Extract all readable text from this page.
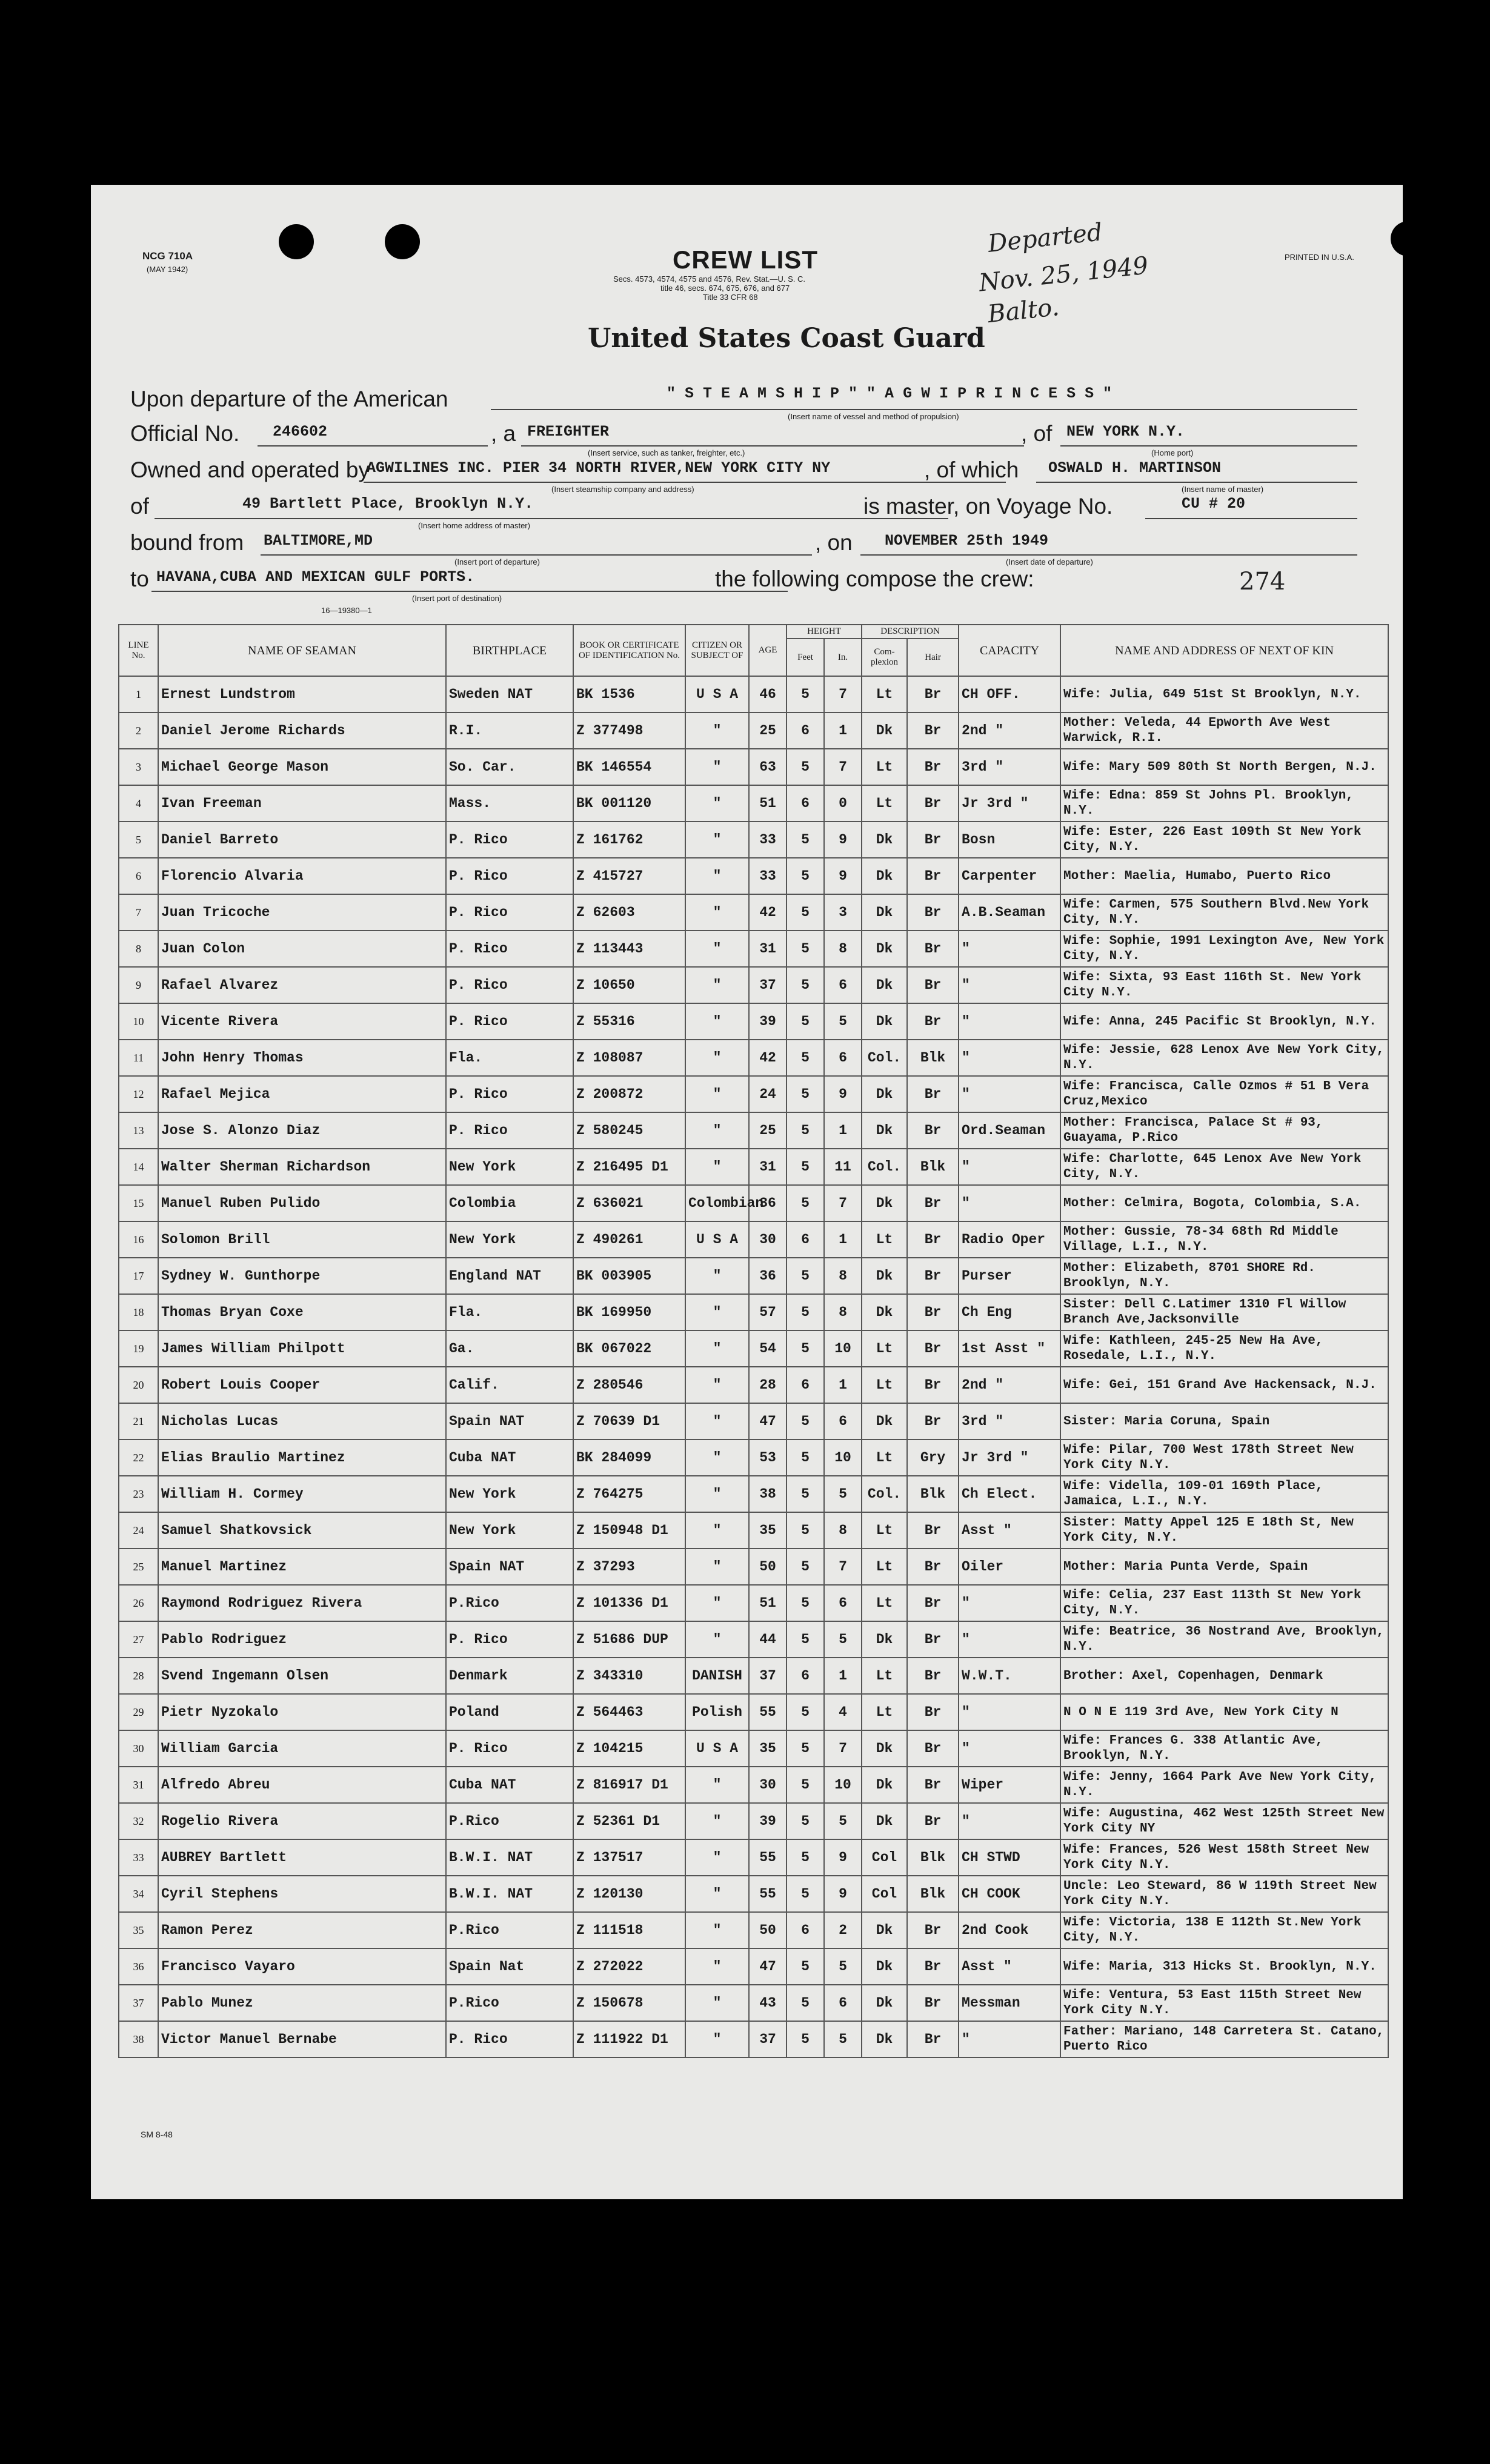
NCG 710A
(MAY 1942)	CREW LIST
Secs. 4573, 4574, 4575 and 4576, Rev. Stat.—U. S. C.
title 46, secs. 674, 675, 676, and 677
Title 33 CFR 68
PRINTED IN U.S.A.
Departed
Nov. 25, 1949
Balto.
United States Coast Guard
Upon departure of the American	" S T E A M S H I P " " A G W I P R I N C E S S "
(Insert name of vessel and method of propulsion)
Official No. 246602	, a FREIGHTER
(Insert service, such as tanker, freighter, etc.)
, of NEW YORK N.Y.
(Home port)
Owned and operated by
AGWILINES INC. PIER 34 NORTH RIVER,NEW YORK CITY NY
(Insert steamship company and address)
, of which OSWALD H. MARTINSON
(Insert name of master)
of	49 Bartlett Place, Brooklyn N.Y.
(Insert home address of master)
is master, on Voyage No.	CU # 20
bound from BALTIMORE,MD
(Insert port of departure)
, on NOVEMBER 25th 1949
(Insert date of departure)
to HAVANA,CUBA AND MEXICAN GULF PORTS.
(Insert port of destination)
16—19380—1
the following compose the crew:	274
LINE No.	NAME OF SEAMAN	BIRTHPLACE	BOOK OR CERTIFICATE OF IDENTIFICATION No.	CITIZEN OR SUBJECT OF	AGE	HEIGHT		DESCRIPTION		CAPACITY	NAME AND ADDRESS OF NEXT OF KIN
						Feet	In.	Com- plexion	Hair		
1	Ernest Lundstrom	Sweden NAT	BK 1536	U S A	46	5	7	Lt	Br	CH OFF.	Wife: Julia, 649 51st St Brooklyn, N.Y.
2	Daniel Jerome Richards	R.I.	Z 377498	"	25	6	1	Dk	Br	2nd "	Mother: Veleda, 44 Epworth Ave West Warwick, R.I.
3	Michael George Mason	So. Car.	BK 146554	"	63	5	7	Lt	Br	3rd "	Wife: Mary 509 80th St North Bergen, N.J.
4	Ivan Freeman	Mass.	BK 001120	"	51	6	0	Lt	Br	Jr 3rd "	Wife: Edna: 859 St Johns Pl. Brooklyn, N.Y.
5	Daniel Barreto	P. Rico	Z 161762	"	33	5	9	Dk	Br	Bosn	Wife: Ester, 226 East 109th St New York City, N.Y.
6	Florencio Alvaria	P. Rico	Z 415727	"	33	5	9	Dk	Br	Carpenter	Mother: Maelia, Humabo, Puerto Rico
7	Juan Tricoche	P. Rico	Z 62603	"	42	5	3	Dk	Br	A.B.Seaman	Wife: Carmen, 575 Southern Blvd.New York City, N.Y.
8	Juan Colon	P. Rico	Z 113443	"	31	5	8	Dk	Br	"	Wife: Sophie, 1991 Lexington Ave, New York City, N.Y.
9	Rafael Alvarez	P. Rico	Z 10650	"	37	5	6	Dk	Br	"	Wife: Sixta, 93 East 116th St. New York City N.Y.
10	Vicente Rivera	P. Rico	Z 55316	"	39	5	5	Dk	Br	"	Wife: Anna, 245 Pacific St Brooklyn, N.Y.
11	John Henry Thomas	Fla.	Z 108087	"	42	5	6	Col.	Blk	"	Wife: Jessie, 628 Lenox Ave New York City, N.Y.
12	Rafael Mejica	P. Rico	Z 200872	"	24	5	9	Dk	Br	"	Wife: Francisca, Calle Ozmos # 51 B Vera Cruz,Mexico
13	Jose S. Alonzo Diaz	P. Rico	Z 580245	"	25	5	1	Dk	Br	Ord.Seaman	Mother: Francisca, Palace St # 93, Guayama, P.Rico
14	Walter Sherman Richardson	New York	Z 216495 D1	"	31	5	11	Col.	Blk	"	Wife: Charlotte, 645 Lenox Ave New York City, N.Y.
15	Manuel Ruben Pulido	Colombia	Z 636021	Colombian	36	5	7	Dk	Br	"	Mother: Celmira, Bogota, Colombia, S.A.
16	Solomon Brill	New York	Z 490261	U S A	30	6	1	Lt	Br	Radio Oper	Mother: Gussie, 78-34 68th Rd Middle Village, L.I., N.Y.
17	Sydney W. Gunthorpe	England NAT	BK 003905	"	36	5	8	Dk	Br	Purser	Mother: Elizabeth, 8701 SHORE Rd. Brooklyn, N.Y.
18	Thomas Bryan Coxe	Fla.	BK 169950	"	57	5	8	Dk	Br	Ch Eng	Sister: Dell C.Latimer 1310 Fl Willow Branch Ave,Jacksonville
19	James William Philpott	Ga.	BK 067022	"	54	5	10	Lt	Br	1st Asst "	Wife: Kathleen, 245-25 New Ha Ave, Rosedale, L.I., N.Y.
20	Robert Louis Cooper	Calif.	Z 280546	"	28	6	1	Lt	Br	2nd "	Wife: Gei, 151 Grand Ave Hackensack, N.J.
21	Nicholas Lucas	Spain NAT	Z 70639 D1	"	47	5	6	Dk	Br	3rd "	Sister: Maria Coruna, Spain
22	Elias Braulio Martinez	Cuba NAT	BK 284099	"	53	5	10	Lt	Gry	Jr 3rd "	Wife: Pilar, 700 West 178th Street New York City N.Y.
23	William H. Cormey	New York	Z 764275	"	38	5	5	Col.	Blk	Ch Elect.	Wife: Vidella, 109-01 169th Place, Jamaica, L.I., N.Y.
24	Samuel Shatkovsick	New York	Z 150948 D1	"	35	5	8	Lt	Br	Asst "	Sister: Matty Appel 125 E 18th St, New York City, N.Y.
25	Manuel Martinez	Spain NAT	Z 37293	"	50	5	7	Lt	Br	Oiler	Mother: Maria Punta Verde, Spain
26	Raymond Rodriguez Rivera	P.Rico	Z 101336 D1	"	51	5	6	Lt	Br	"	Wife: Celia, 237 East 113th St New York City, N.Y.
27	Pablo Rodriguez	P. Rico	Z 51686 DUP	"	44	5	5	Dk	Br	"	Wife: Beatrice, 36 Nostrand Ave, Brooklyn, N.Y.
28	Svend Ingemann Olsen	Denmark	Z 343310	DANISH	37	6	1	Lt	Br	W.W.T.	Brother: Axel, Copenhagen, Denmark
29	Pietr Nyzokalo	Poland	Z 564463	Polish	55	5	4	Lt	Br	"	N O N E 119 3rd Ave, New York City N
30	William Garcia	P. Rico	Z 104215	U S A	35	5	7	Dk	Br	"	Wife: Frances G. 338 Atlantic Ave, Brooklyn, N.Y.
31	Alfredo Abreu	Cuba NAT	Z 816917 D1	"	30	5	10	Dk	Br	Wiper	Wife: Jenny, 1664 Park Ave New York City, N.Y.
32	Rogelio Rivera	P.Rico	Z 52361 D1	"	39	5	5	Dk	Br	"	Wife: Augustina, 462 West 125th Street New York City NY
33	AUBREY Bartlett	B.W.I. NAT	Z 137517	"	55	5	9	Col	Blk	CH STWD	Wife: Frances, 526 West 158th Street New York City N.Y.
34	Cyril Stephens	B.W.I. NAT	Z 120130	"	55	5	9	Col	Blk	CH COOK	Uncle: Leo Steward, 86 W 119th Street New York City N.Y.
35	Ramon Perez	P.Rico	Z 111518	"	50	6	2	Dk	Br	2nd Cook	Wife: Victoria, 138 E 112th St.New York City, N.Y.
36	Francisco Vayaro	Spain Nat	Z 272022	"	47	5	5	Dk	Br	Asst "	Wife: Maria, 313 Hicks St. Brooklyn, N.Y.
37	Pablo Munez	P.Rico	Z 150678	"	43	5	6	Dk	Br	Messman	Wife: Ventura, 53 East 115th Street New York City N.Y.
38	Victor Manuel Bernabe	P. Rico	Z 111922 D1	"	37	5	5	Dk	Br	"	Father: Mariano, 148 Carretera St. Catano, Puerto Rico
SM 8-48
